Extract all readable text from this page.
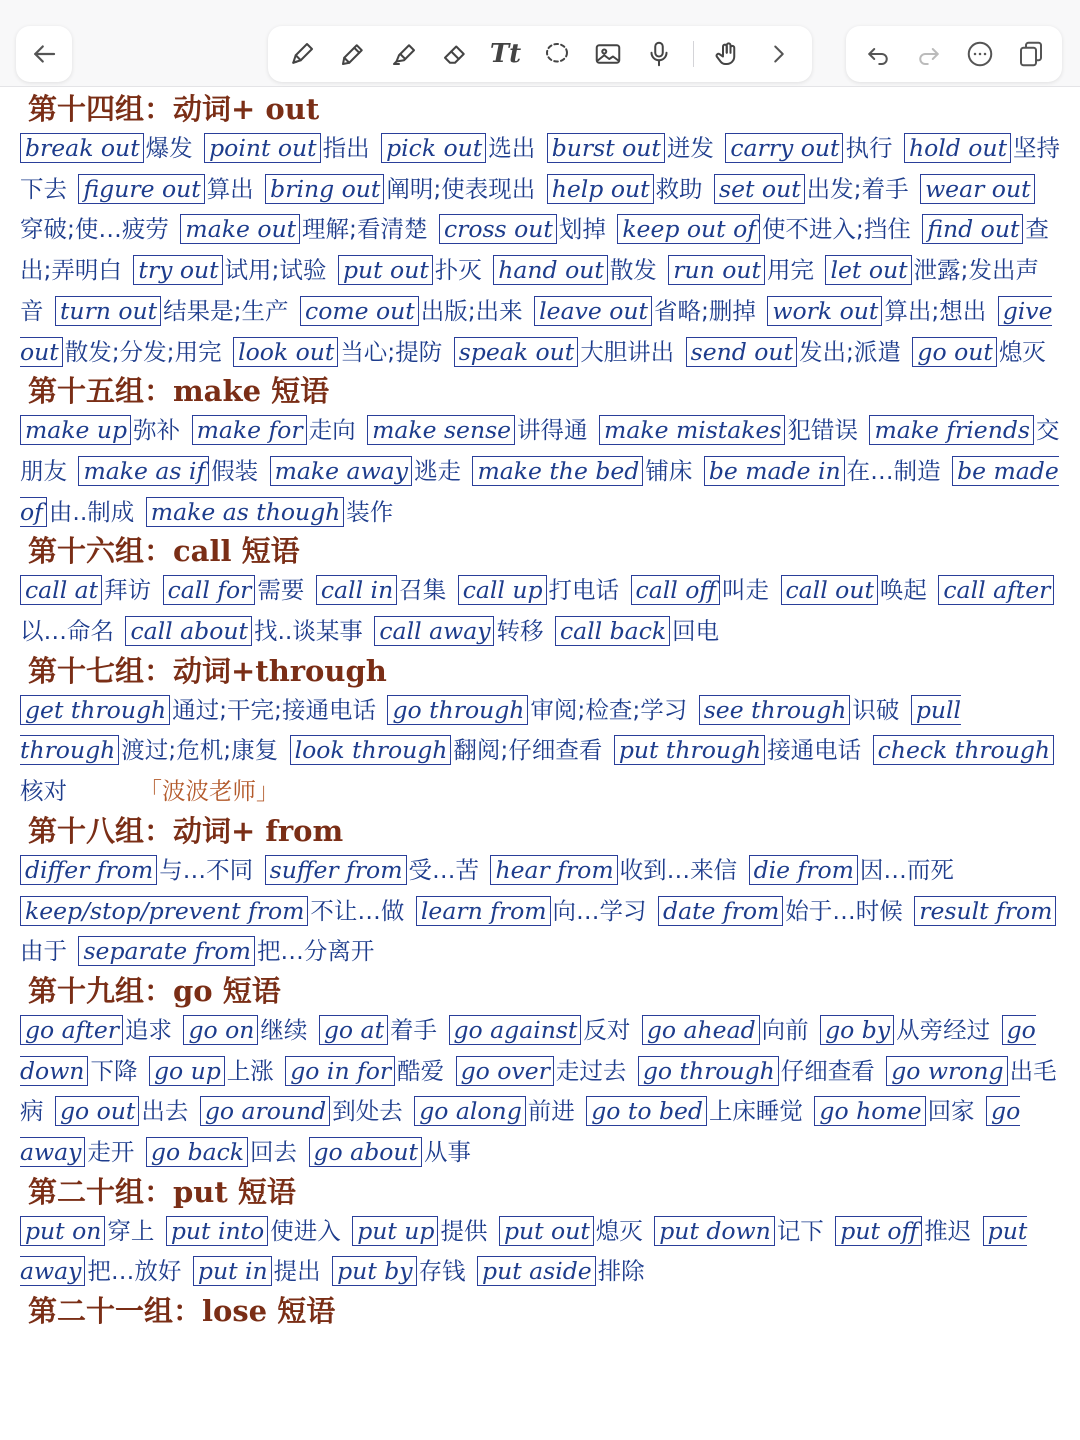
Tt
第十四组：动词+ out
break out 爆发 point out 指出 pick out 选出 burst out 迸发 carry out 执行 hold out 坚持下去 figure out 算出 bring out 阐明;使表现出 help out 救助 set out 出发;着手 wear out穿破;使…疲劳 make out 理解;看清楚 cross out 划掉 keep out of 使不进入;挡住 find out 查出;弄明白 try out 试用;试验 put out 扑灭 hand out 散发 run out 用完 let out 泄露;发出声音 turn out 结果是;生产 come out 出版;出来 leave out 省略;删掉 work out 算出;想出 give out 散发;分发;用完 look out 当心;提防 speak out 大胆讲出 send out 发出;派遣 go out 熄灭
第十五组：make 短语
make up 弥补 make for 走向 make sense 讲得通 make mistakes 犯错误 make friends 交朋友 make as if 假装 make away 逃走 make the bed 铺床 be made in 在…制造 be made of 由..制成 make as though 装作
第十六组：call 短语
call at 拜访 call for 需要 call in 召集 call up 打电话 call off 叫走 call out 唤起 call after以…命名 call about 找..谈某事 call away 转移 call back 回电
第十七组：动词+through
get through 通过;干完;接通电话 go through 审阅;检查;学习 see through 识破 pull through 渡过;危机;康复 look through 翻阅;仔细查看 put through 接通电话 check through核对	「波波老师」
第十八组：动词+ from
differ from 与…不同 suffer from 受…苦 hear from 收到…来信 die from 因…而死 keep/stop/prevent from 不让…做 learn from 向…学习 date from 始于…时候 result from由于 separate from 把…分离开
第十九组：go 短语
go after 追求 go on 继续 go at 着手 go against 反对 go ahead 向前 go by 从旁经过 go down 下降 go up 上涨 go in for 酷爱 go over 走过去 go through 仔细查看 go wrong 出毛病 go out 出去 go around 到处去 go along 前进 go to bed 上床睡觉 go home 回家 go away 走开 go back 回去 go about 从事
第二十组：put 短语
put on 穿上 put into 使进入 put up 提供 put out 熄灭 put down 记下 put off 推迟 put away 把…放好 put in 提出 put by 存钱 put aside 排除
第二十一组：lose 短语
